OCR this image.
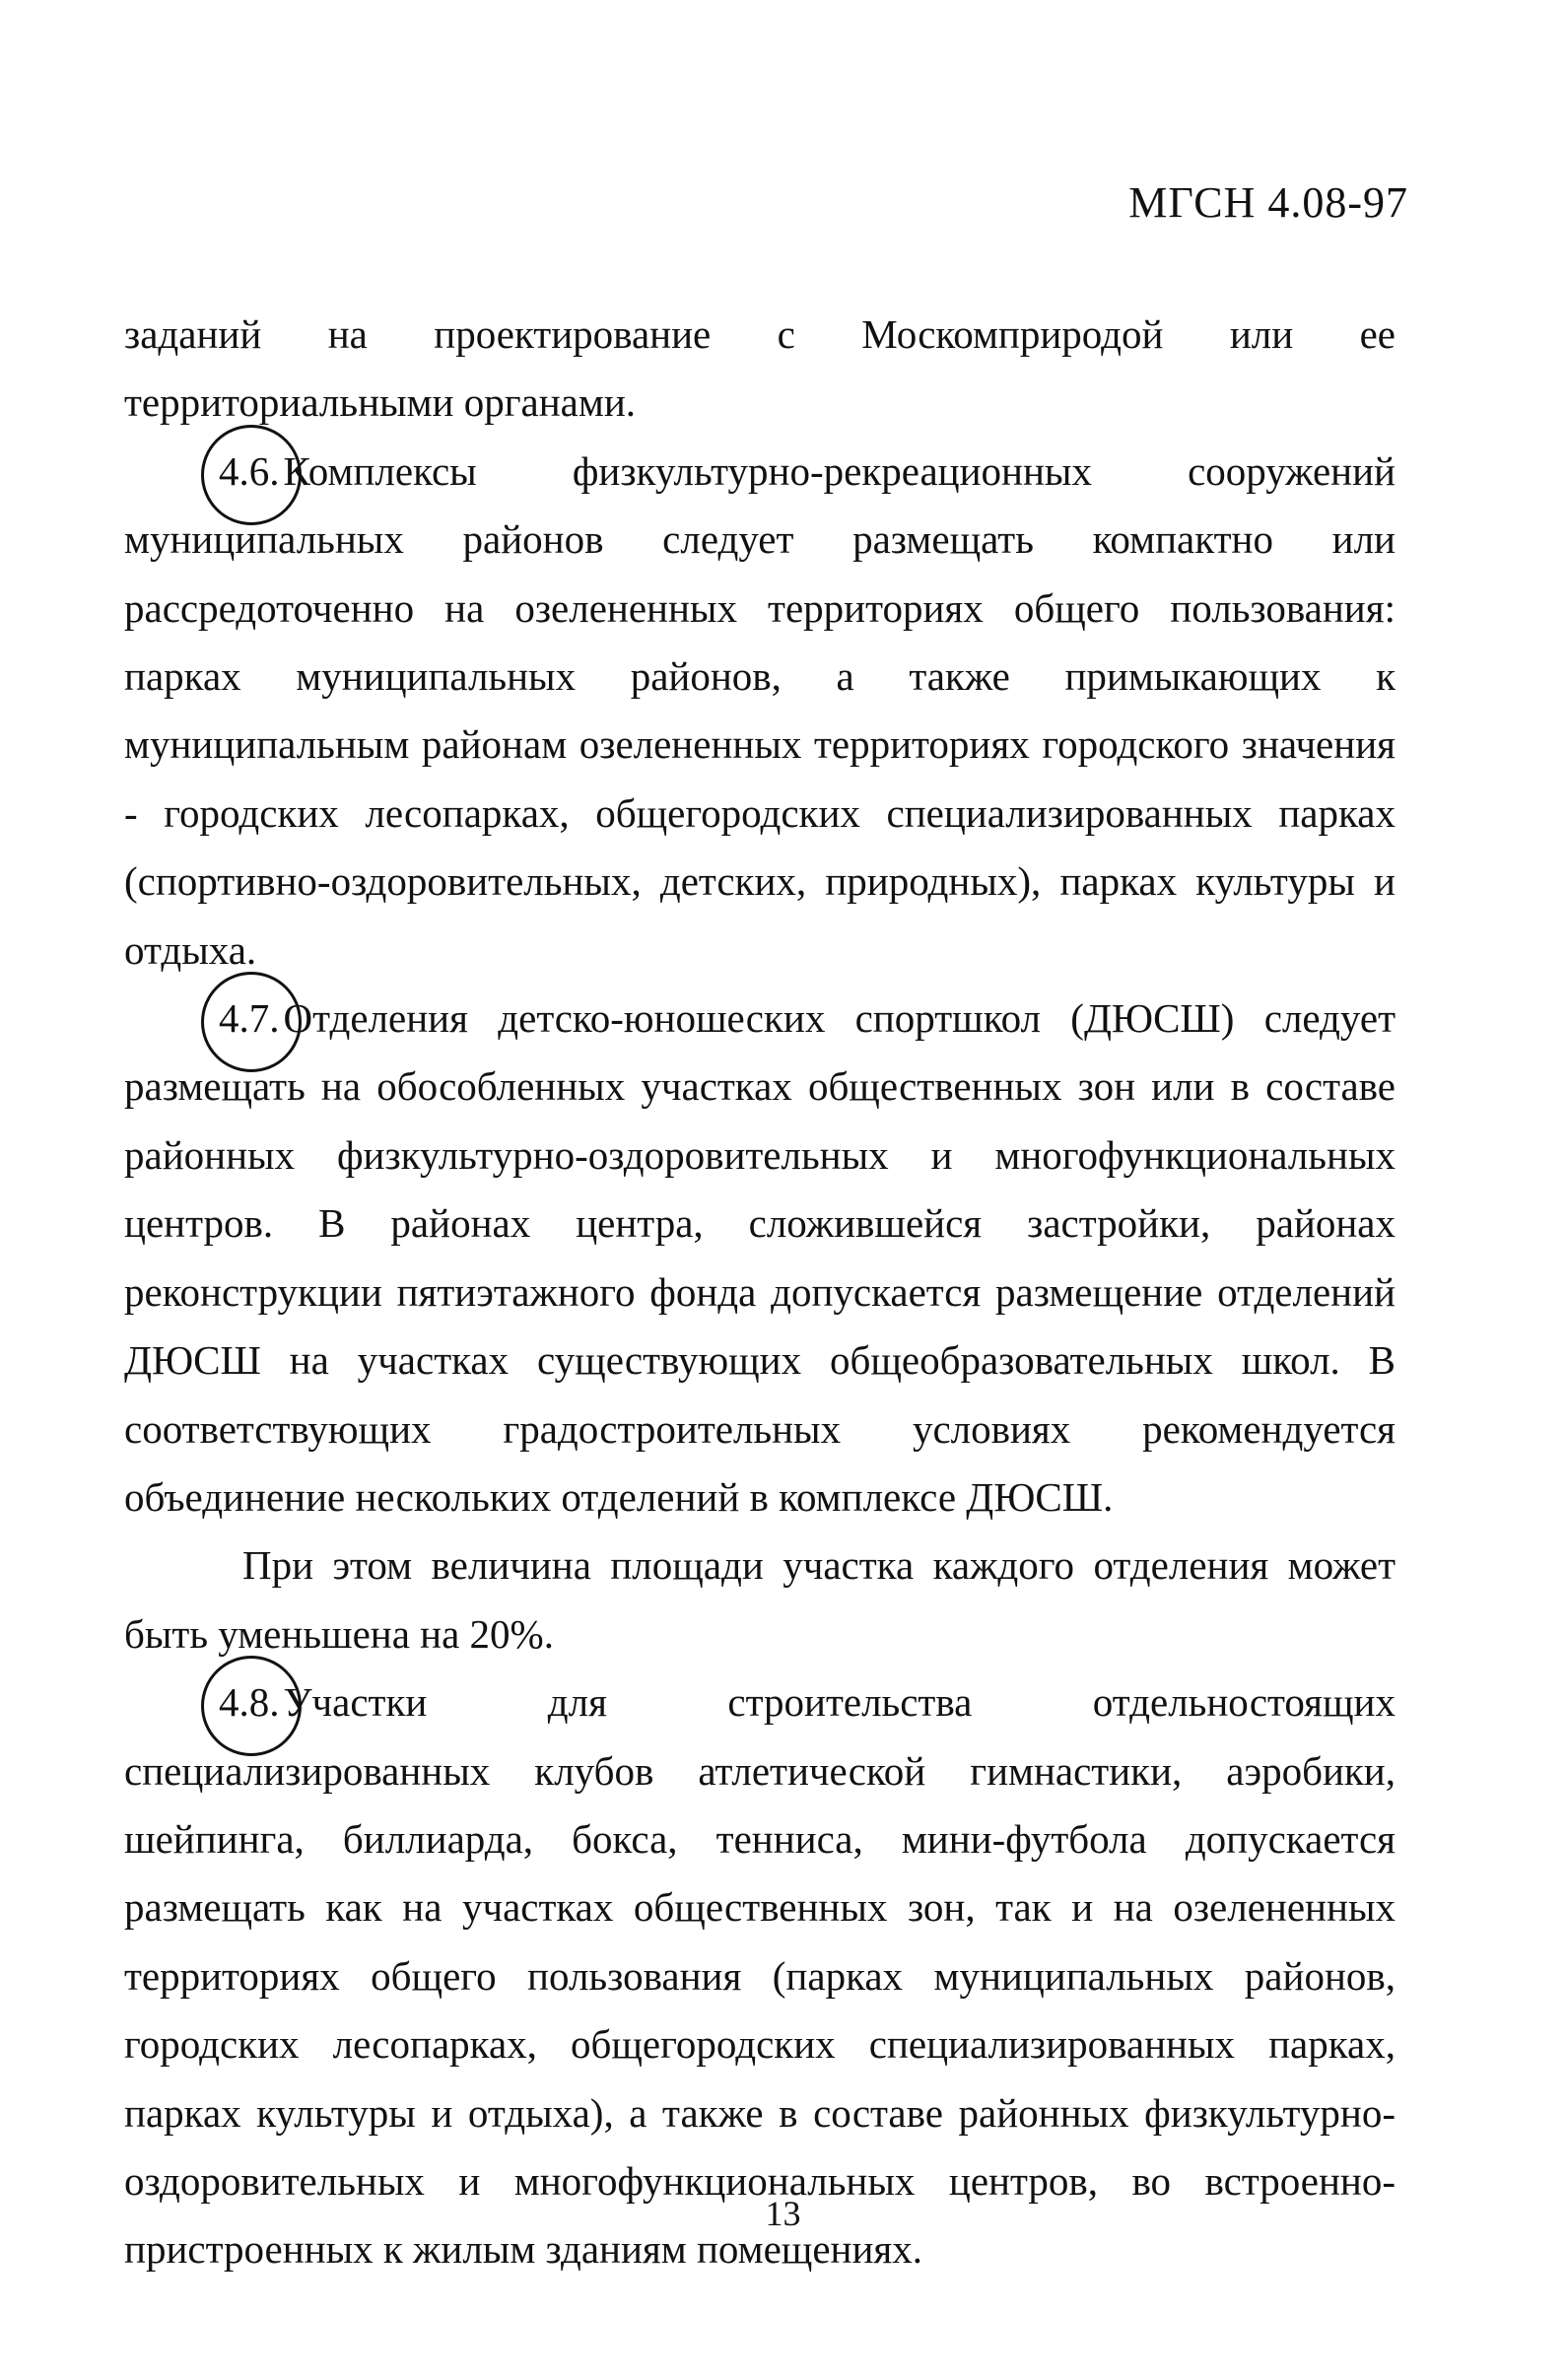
МГСН 4.08-97

заданий на проектирование с Москомприродой или ее территориальными органами.

4.6.Комплексы физкультурно-рекреационных сооружений муниципальных районов следует размещать компактно или рассредоточенно на озелененных территориях общего пользования: парках муниципальных районов, а также примыкающих к муниципальным районам озелененных территориях городского значения - городских лесопарках, общегородских специализированных парках (спортивно-оздоровительных, детских, природных), парках культуры и отдыха.

4.7.Отделения детско-юношеских спортшкол (ДЮСШ) следует размещать на обособленных участках общественных зон или в составе районных физкультурно-оздоровительных и многофункциональных центров. В районах центра, сложившейся застройки, районах реконструкции пятиэтажного фонда допускается размещение отделений ДЮСШ на участках существующих общеобразовательных школ. В соответствующих градостроительных условиях рекомендуется объединение нескольких отделений в комплексе ДЮСШ.

При этом величина площади участка каждого отделения может быть уменьшена на 20%.

4.8.Участки для строительства отдельностоящих специализированных клубов атлетической гимнастики, аэробики, шейпинга, биллиарда, бокса, тенниса, мини-футбола допускается размещать как на участках общественных зон, так и на озелененных территориях общего пользования (парках муниципальных районов, городских лесопарках, общегородских специализированных парках, парках культуры и отдыха), а также в составе районных физкультурно-оздоровительных и многофункциональных центров, во встроенно-пристроенных к жилым зданиям помещениях.

13
